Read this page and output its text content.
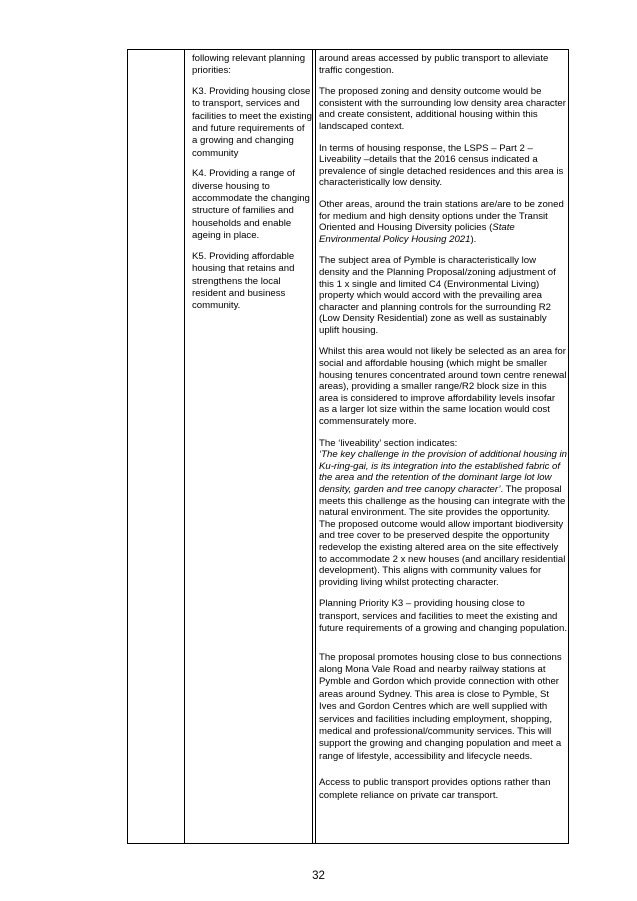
following relevant planning priorities:

K3. Providing housing close to transport, services and facilities to meet the existing and future requirements of a growing and changing community

K4. Providing a range of diverse housing to accommodate the changing structure of families and households and enable ageing in place.

K5. Providing affordable housing that retains and strengthens the local resident and business community.

around areas accessed by public transport to alleviate traffic congestion.

The proposed zoning and density outcome would be consistent with the surrounding low density area character and create consistent, additional housing within this landscaped context.

In terms of housing response, the LSPS – Part 2 – Liveability –details that the 2016 census indicated a prevalence of single detached residences and this area is characteristically low density.

Other areas, around the train stations are/are to be zoned for medium and high density options under the Transit Oriented and Housing Diversity policies (State Environmental Policy Housing 2021).

The subject area of Pymble is characteristically low density and the Planning Proposal/zoning adjustment of this 1 x single and limited C4 (Environmental Living) property which would accord with the prevailing area character and planning controls for the surrounding R2 (Low Density Residential) zone as well as sustainably uplift housing.

Whilst this area would not likely be selected as an area for social and affordable housing (which might be smaller housing tenures concentrated around town centre renewal areas), providing a smaller range/R2 block size in this area is considered to improve affordability levels insofar as a larger lot size within the same location would cost commensurately more.

The ‘liveability’ section indicates:
‘The key challenge in the provision of additional housing in Ku-ring-gai, is its integration into the established fabric of the area and the retention of the dominant large lot low density, garden and tree canopy character’. The proposal meets this challenge as the housing can integrate with the natural environment. The site provides the opportunity. The proposed outcome would allow important biodiversity and tree cover to be preserved despite the opportunity redevelop the existing altered area on the site effectively to accommodate 2 x new houses (and ancillary residential development). This aligns with community values for providing living whilst protecting character.

Planning Priority K3 – providing housing close to transport, services and facilities to meet the existing and future requirements of a growing and changing population.

The proposal promotes housing close to bus connections along Mona Vale Road and nearby railway stations at Pymble and Gordon which provide connection with other areas around Sydney. This area is close to Pymble, St Ives and Gordon Centres which are well supplied with services and facilities including employment, shopping, medical and professional/community services. This will support the growing and changing population and meet a range of lifestyle, accessibility and lifecycle needs.

Access to public transport provides options rather than complete reliance on private car transport.

32
